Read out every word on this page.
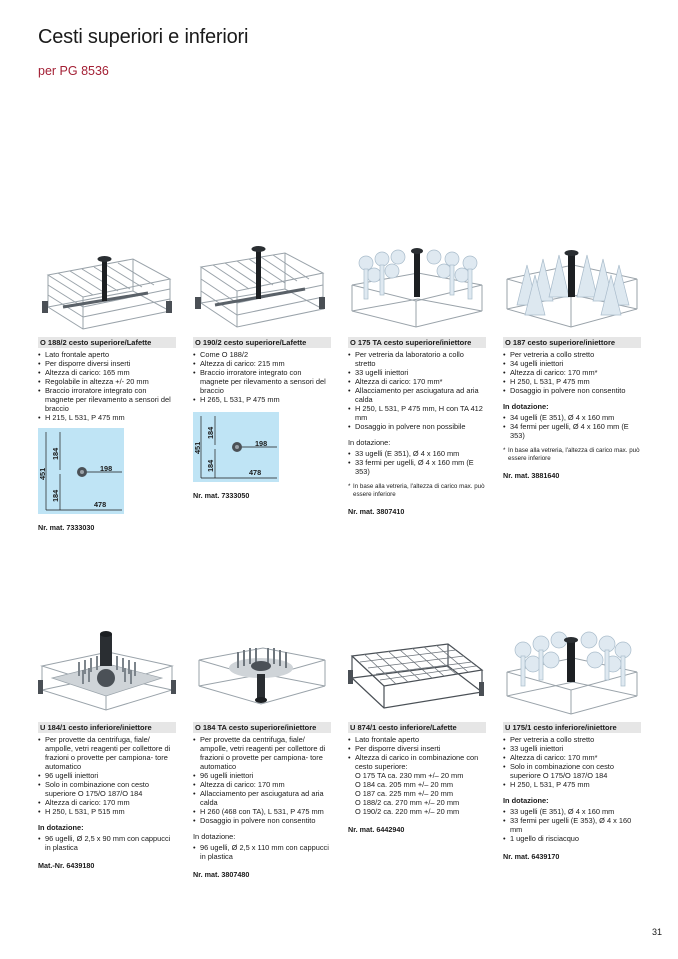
Cesti superiori e inferiori
per PG 8536
O 188/2 cesto superiore/Lafette
• Lato frontale aperto
• Per disporre diversi inserti
• Altezza di carico: 165 mm
• Regolabile in altezza +/- 20 mm
• Braccio irroratore integrato con magnete per rilevamento a sensori del braccio
• H 215, L 531, P 475 mm
451
184
184
198
478
Nr. mat. 7333030
O 190/2 cesto superiore/Lafette
• Come O 188/2
• Altezza di carico: 215 mm
• Braccio irroratore integrato con magnete per rilevamento a sensori del braccio
• H 265, L 531, P 475 mm
451
184
184
198
478
Nr. mat. 7333050
O 175 TA cesto superiore/iniettore
• Per vetreria da laboratorio a collo stretto
• 33 ugelli iniettori
• Altezza di carico: 170 mm*
• Allacciamento per asciugatura ad aria calda
• H 250, L 531, P 475 mm, H con TA 412 mm
• Dosaggio in polvere non possibile
In dotazione:
• 33 ugelli (E 351), Ø 4 x 160 mm
• 33 fermi per ugelli, Ø 4 x 160 mm (E 353)
* In base alla vetreria, l'altezza di carico max. può essere inferiore
Nr. mat. 3807410
O 187 cesto superiore/iniettore
• Per vetreria a collo stretto
• 34 ugelli iniettori
• Altezza di carico: 170 mm*
• H 250, L 531, P 475 mm
• Dosaggio in polvere non consentito
In dotazione:
• 34 ugelli (E 351), Ø 4 x 160 mm
• 34 fermi per ugelli, Ø 4 x 160 mm (E 353)
* In base alla vetreria, l'altezza di carico max. può essere inferiore
Nr. mat. 3881640
U 184/1 cesto inferiore/iniettore
• Per provette da centrifuga, fiale/ ampolle, vetri reagenti per collettore di frazioni o provette per campiona- tore automatico
• 96 ugelli iniettori
• Solo in combinazione con cesto superiore O 175/O 187/O 184
• Altezza di carico: 170 mm
• H 250, L 531, P 515 mm
In dotazione:
• 96 ugelli, Ø 2,5 x 90 mm con cappucci in plastica
Mat.-Nr. 6439180
O 184 TA cesto superiore/iniettore
• Per provette da centrifuga, fiale/ ampolle, vetri reagenti per collettore di frazioni o provette per campiona- tore automatico
• 96 ugelli iniettori
• Altezza di carico: 170 mm
• Allacciamento per asciugatura ad aria calda
• H 260 (468 con TA), L 531, P 475 mm
• Dosaggio in polvere non consentito
In dotazione:
• 96 ugelli, Ø 2,5 x 110 mm con cappucci in plastica
Nr. mat. 3807480
U 874/1 cesto inferiore/Lafette
• Lato frontale aperto
• Per disporre diversi inserti
• Altezza di carico in combinazione con cesto superiore:
O 175 TA ca. 230 mm +/– 20 mm
O 184 ca. 205 mm +/– 20 mm
O 187 ca. 225 mm +/– 20 mm
O 188/2 ca. 270 mm +/– 20 mm
O 190/2 ca. 220 mm +/– 20 mm
Nr. mat. 6442940
U 175/1 cesto inferiore/iniettore
• Per vetreria a collo stretto
• 33 ugelli iniettori
• Altezza di carico: 170 mm*
• Solo in combinazione con cesto superiore O 175/O 187/O 184
• H 250, L 531, P 475 mm
In dotazione:
• 33 ugelli (E 351), Ø 4 x 160 mm
• 33 fermi per ugelli (E 353), Ø 4 x 160 mm
• 1 ugello di risciacquo
Nr. mat. 6439170
31
